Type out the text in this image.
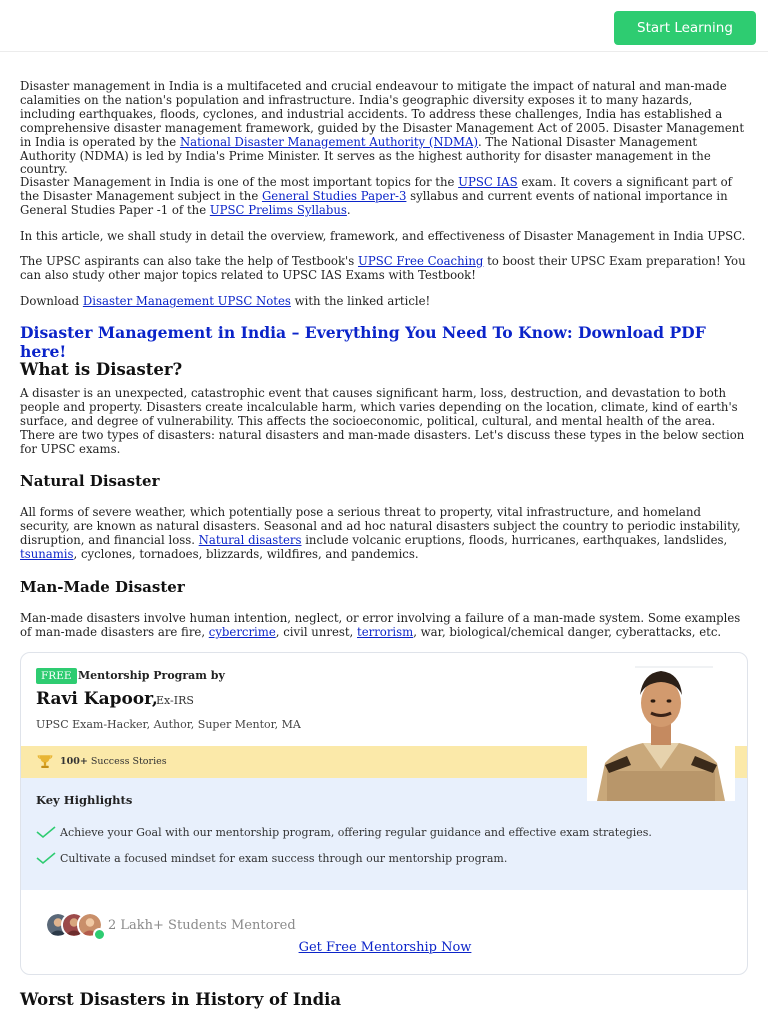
Start Learning

Disaster management in India is a multifaceted and crucial endeavour to mitigate the impact of natural and man-made calamities on the nation's population and infrastructure. India's geographic diversity exposes it to many hazards, including earthquakes, floods, cyclones, and industrial accidents. To address these challenges, India has established a comprehensive disaster management framework, guided by the Disaster Management Act of 2005. Disaster Management in India is operated by the National Disaster Management Authority (NDMA). The National Disaster Management Authority (NDMA) is led by India's Prime Minister. It serves as the highest authority for disaster management in the country.

Disaster Management in India is one of the most important topics for the UPSC IAS exam. It covers a significant part of the Disaster Management subject in the General Studies Paper-3 syllabus and current events of national importance in General Studies Paper -1 of the UPSC Prelims Syllabus.

In this article, we shall study in detail the overview, framework, and effectiveness of Disaster Management in India UPSC.

The UPSC aspirants can also take the help of Testbook's UPSC Free Coaching to boost their UPSC Exam preparation! You can also study other major topics related to UPSC IAS Exams with Testbook!

Download Disaster Management UPSC Notes with the linked article!

Disaster Management in India – Everything You Need To Know: Download PDF here!
What is Disaster?

A disaster is an unexpected, catastrophic event that causes significant harm, loss, destruction, and devastation to both people and property. Disasters create incalculable harm, which varies depending on the location, climate, kind of earth's surface, and degree of vulnerability. This affects the socioeconomic, political, cultural, and mental health of the area. There are two types of disasters: natural disasters and man-made disasters. Let's discuss these types in the below section for UPSC exams.

Natural Disaster

All forms of severe weather, which potentially pose a serious threat to property, vital infrastructure, and homeland security, are known as natural disasters. Seasonal and ad hoc natural disasters subject the country to periodic instability, disruption, and financial loss. Natural disasters include volcanic eruptions, floods, hurricanes, earthquakes, landslides, tsunamis, cyclones, tornadoes, blizzards, wildfires, and pandemics.

Man-Made Disaster

Man-made disasters involve human intention, neglect, or error involving a failure of a man-made system. Some examples of man-made disasters are fire, cybercrime, civil unrest, terrorism, war, biological/chemical danger, cyberattacks, etc.

FREE Mentorship Program by
Ravi Kapoor,
Ex-IRS
UPSC Exam-Hacker, Author, Super Mentor, MA
100+ Success Stories
Key Highlights
Achieve your Goal with our mentorship program, offering regular guidance and effective exam strategies.
Cultivate a focused mindset for exam success through our mentorship program.
2 Lakh+ Students Mentored
Get Free Mentorship Now
Worst Disasters in History of India
